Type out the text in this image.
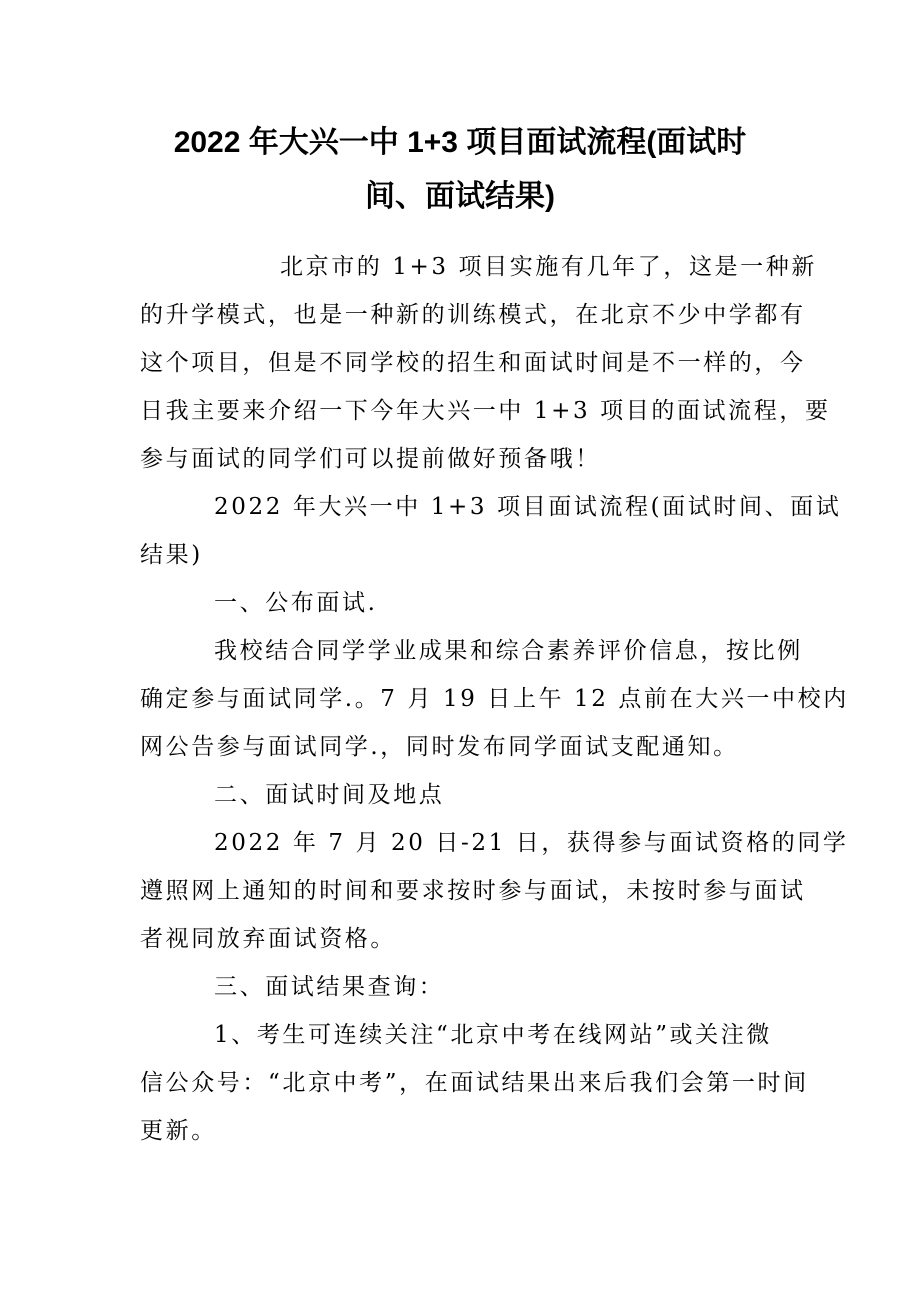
2022 年大兴一中 1+3 项目面试流程(面试时
间、面试结果)
北京市的 1+3 项目实施有几年了，这是一种新
的升学模式，也是一种新的训练模式，在北京不少中学都有
这个项目，但是不同学校的招生和面试时间是不一样的，今
日我主要来介绍一下今年大兴一中 1+3 项目的面试流程，要
参与面试的同学们可以提前做好预备哦！
2022 年大兴一中 1+3 项目面试流程(面试时间、面试
结果)
一、公布面试.
我校结合同学学业成果和综合素养评价信息，按比例
确定参与面试同学.。7 月 19 日上午 12 点前在大兴一中校内
网公告参与面试同学.，同时发布同学面试支配通知。
二、面试时间及地点
2022 年 7 月 20 日-21 日，获得参与面试资格的同学
遵照网上通知的时间和要求按时参与面试，未按时参与面试
者视同放弃面试资格。
三、面试结果查询：
1、考生可连续关注“北京中考在线网站”或关注微
信公众号：“北京中考”，在面试结果出来后我们会第一时间
更新。
